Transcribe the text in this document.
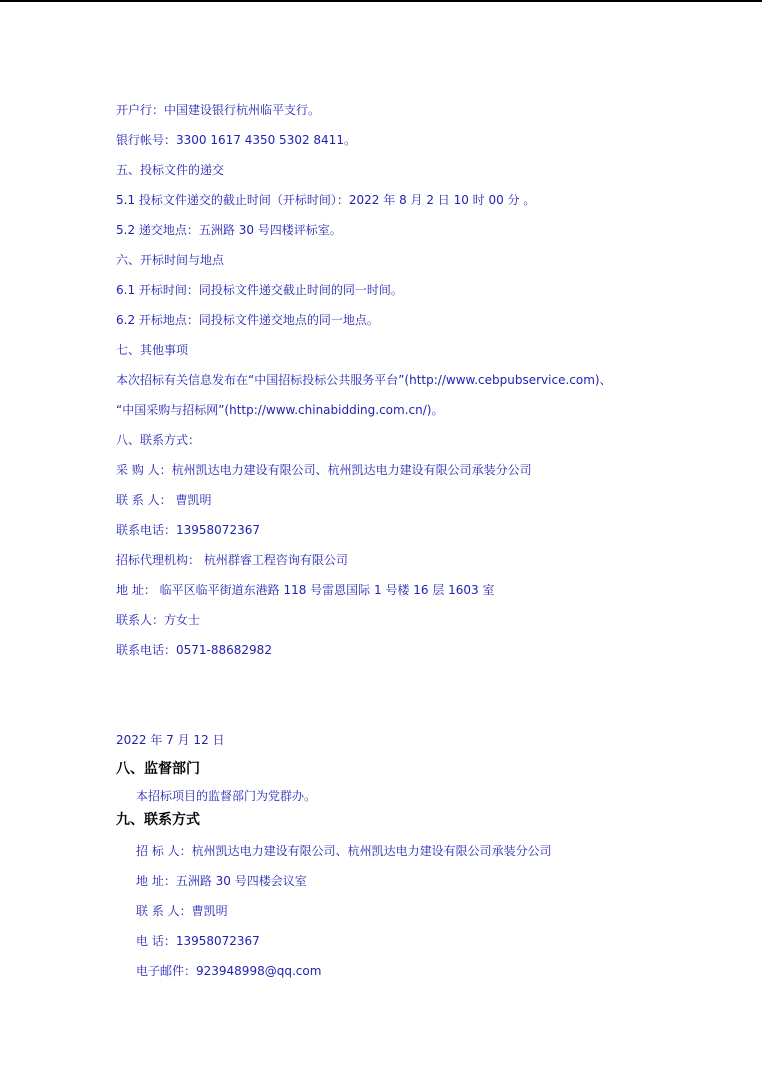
开户行：中国建设银行杭州临平支行。
银行帐号：3300 1617 4350 5302 8411。
五、投标文件的递交
5.1 投标文件递交的截止时间（开标时间）：2022 年 8 月 2 日 10 时 00 分 。
5.2 递交地点：五洲路 30 号四楼评标室。
六、开标时间与地点
6.1 开标时间：同投标文件递交截止时间的同一时间。
6.2 开标地点：同投标文件递交地点的同一地点。
七、其他事项
本次招标有关信息发布在“中国招标投标公共服务平台”(http://www.cebpubservice.com)、
“中国采购与招标网”(http://www.chinabidding.com.cn/)。
八、联系方式：
采 购 人：杭州凯达电力建设有限公司、杭州凯达电力建设有限公司承装分公司
联 系 人： 曹凯明
联系电话：13958072367
招标代理机构： 杭州群睿工程咨询有限公司
地 址： 临平区临平街道东港路 118 号雷恩国际 1 号楼 16 层 1603 室
联系人：方女士
联系电话：0571-88682982
2022 年 7 月 12 日
八、监督部门
本招标项目的监督部门为党群办。
九、联系方式
招 标 人：杭州凯达电力建设有限公司、杭州凯达电力建设有限公司承装分公司
地 址：五洲路 30 号四楼会议室
联 系 人：曹凯明
电 话：13958072367
电子邮件：923948998@qq.com
